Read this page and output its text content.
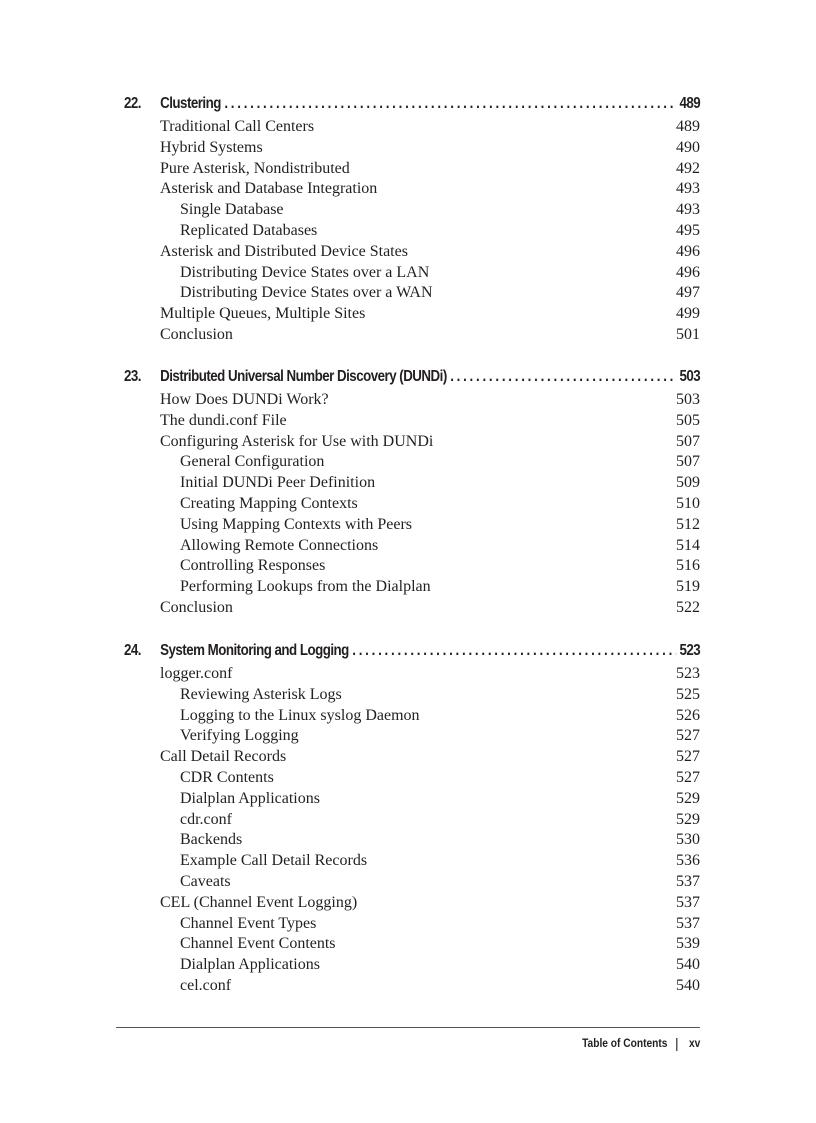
22.	Clustering .....	489
Traditional Call Centers	489
Hybrid Systems	490
Pure Asterisk, Nondistributed	492
Asterisk and Database Integration	493
Single Database	493
Replicated Databases	495
Asterisk and Distributed Device States	496
Distributing Device States over a LAN	496
Distributing Device States over a WAN	497
Multiple Queues, Multiple Sites	499
Conclusion	501
23.	Distributed Universal Number Discovery (DUNDi) .....	503
How Does DUNDi Work?	503
The dundi.conf File	505
Configuring Asterisk for Use with DUNDi	507
General Configuration	507
Initial DUNDi Peer Definition	509
Creating Mapping Contexts	510
Using Mapping Contexts with Peers	512
Allowing Remote Connections	514
Controlling Responses	516
Performing Lookups from the Dialplan	519
Conclusion	522
24.	System Monitoring and Logging .....	523
logger.conf	523
Reviewing Asterisk Logs	525
Logging to the Linux syslog Daemon	526
Verifying Logging	527
Call Detail Records	527
CDR Contents	527
Dialplan Applications	529
cdr.conf	529
Backends	530
Example Call Detail Records	536
Caveats	537
CEL (Channel Event Logging)	537
Channel Event Types	537
Channel Event Contents	539
Dialplan Applications	540
cel.conf	540
Table of Contents | xv
